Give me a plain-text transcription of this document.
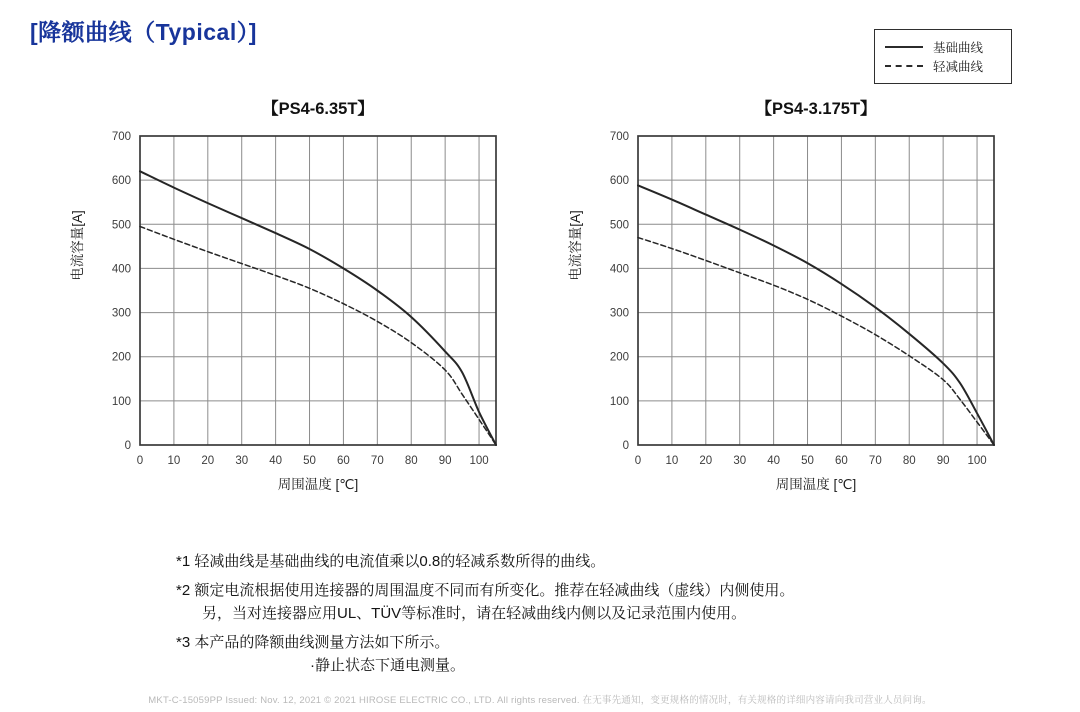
[降额曲线（Typical）]
基础曲线
轻减曲线
【PS4-6.35T】
0
100
200
300
400
500
600
700
0 10 20 30 40 50 60 70 80 90 100
周围温度 [℃]
电流容量[A]
【PS4-3.175T】
0
100
200
300
400
500
600
700
0 10 20 30 40 50 60 70 80 90 100
周围温度 [℃]
电流容量[A]
*1 轻减曲线是基础曲线的电流值乘以0.8的轻减系数所得的曲线。
*2 额定电流根据使用连接器的周围温度不同而有所变化。推荐在轻减曲线（虚线）内侧使用。
另，当对连接器应用UL、TÜV等标准时，请在轻减曲线内侧以及记录范围内使用。
*3 本产品的降额曲线测量方法如下所示。
·静止状态下通电测量。
MKT-C-15059PP Issued: Nov. 12, 2021 © 2021 HIROSE ELECTRIC CO., LTD. All rights reserved. 在无事先通知，变更规格的情况时，有关规格的详细内容请向我司营业人员问询。
